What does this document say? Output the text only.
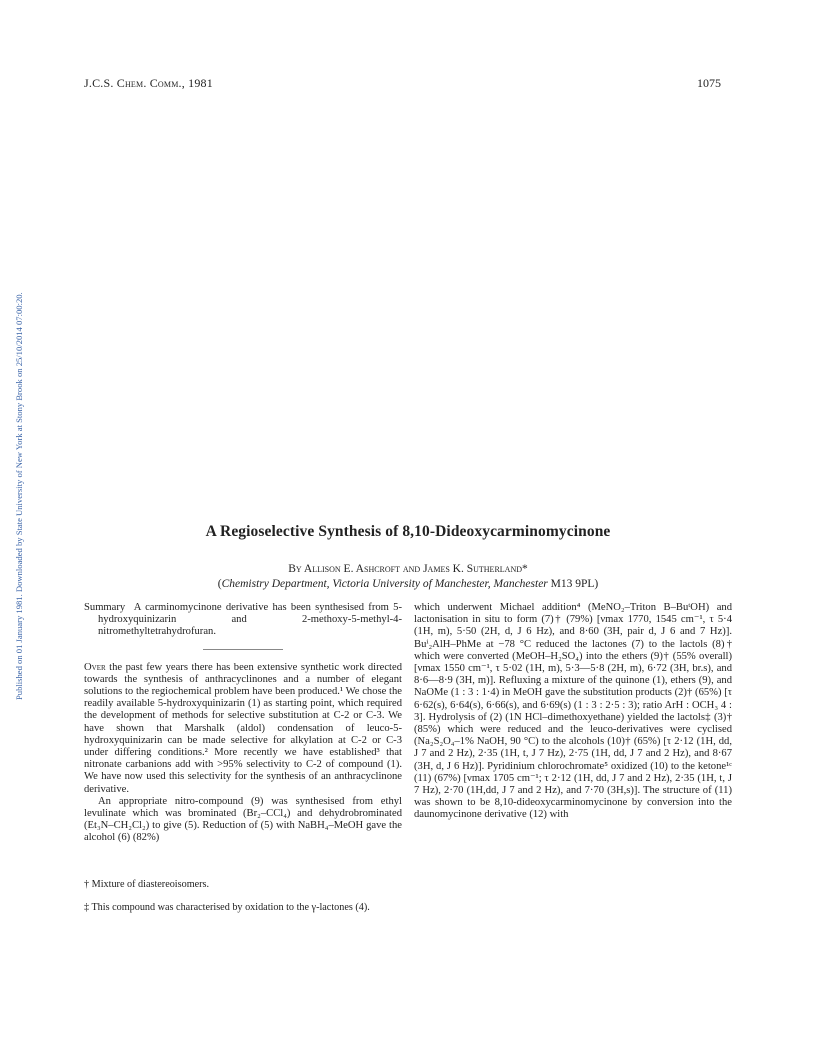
Published on 01 January 1981. Downloaded by State University of New York at Stony Brook on 25/10/2014 07:00:20.
J.C.S. Chem. Comm., 1981	1075
A Regioselective Synthesis of 8,10-Dideoxycarminomycinone
By Allison E. Ashcroft and James K. Sutherland*
(Chemistry Department, Victoria University of Manchester, Manchester M13 9PL)

Summary A carminomycinone derivative has been synthesised from 5-hydroxyquinizarin and 2-methoxy-5-methyl-4-nitromethyltetrahydrofuran.

Over the past few years there has been extensive synthetic work directed towards the synthesis of anthracyclinones and a number of elegant solutions to the regiochemical problem have been produced.¹ We chose the readily available 5-hydroxyquinizarin (1) as starting point, which required the development of methods for selective substitution at C-2 or C-3. We have shown that Marshalk (aldol) condensation of leuco-5-hydroxyquinizarin can be made selective for alkylation at C-2 or C-3 under differing conditions.² More recently we have established³ that nitronate carbanions add with >95% selectivity to C-2 of compound (1). We have now used this selectivity for the synthesis of an anthracyclinone derivative.

An appropriate nitro-compound (9) was synthesised from ethyl levulinate which was brominated (Br₂–CCl₄) and dehydrobrominated (Et₃N–CH₂Cl₂) to give (5). Reduction of (5) with NaBH₄–MeOH gave the alcohol (6) (82%)

which underwent Michael addition⁴ (MeNO₂–Triton B–BuᵗOH) and lactonisation in situ to form (7)† (79%) [νmax 1770, 1545 cm⁻¹, τ 5·4 (1H, m), 5·50 (2H, d, J 6 Hz), and 8·60 (3H, pair d, J 6 and 7 Hz)]. Buⁱ₂AlH–PhMe at −78 °C reduced the lactones (7) to the lactols (8)† which were converted (MeOH–H₂SO₄) into the ethers (9)† (55% overall) [νmax 1550 cm⁻¹, τ 5·02 (1H, m), 5·3—5·8 (2H, m), 6·72 (3H, br.s), and 8·6—8·9 (3H, m)]. Refluxing a mixture of the quinone (1), ethers (9), and NaOMe (1 : 3 : 1·4) in MeOH gave the substitution products (2)† (65%) [τ 6·62(s), 6·64(s), 6·66(s), and 6·69(s) (1 : 3 : 2·5 : 3); ratio ArH : OCH₃ 4 : 3]. Hydrolysis of (2) (1N HCl–dimethoxyethane) yielded the lactols‡ (3)† (85%) which were reduced and the leuco-derivatives were cyclised (Na₂S₂O₄–1% NaOH, 90 °C) to the alcohols (10)† (65%) [τ 2·12 (1H, dd, J 7 and 2 Hz), 2·35 (1H, t, J 7 Hz), 2·75 (1H, dd, J 7 and 2 Hz), and 8·67 (3H, d, J 6 Hz)]. Pyridinium chlorochromate⁵ oxidized (10) to the ketone¹ᶜ (11) (67%) [νmax 1705 cm⁻¹; τ 2·12 (1H, dd, J 7 and 2 Hz), 2·35 (1H, t, J 7 Hz), 2·70 (1H,dd, J 7 and 2 Hz), and 7·70 (3H,s)]. The structure of (11) was shown to be 8,10-dideoxycarminomycinone by conversion into the daunomycinone derivative (12) with

† Mixture of diastereoisomers.
‡ This compound was characterised by oxidation to the γ-lactones (4).
